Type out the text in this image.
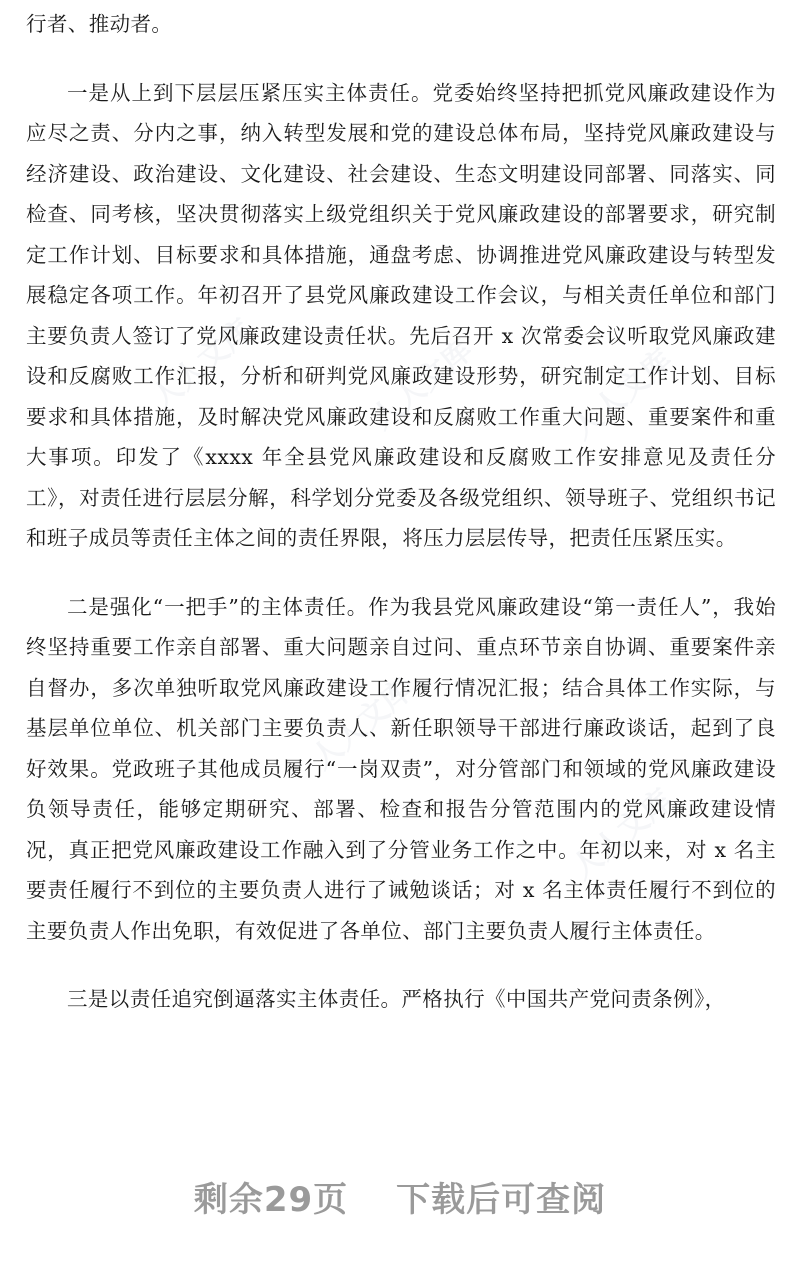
人人文库	人人文库	人人文库
人人文库
人人文库

行者、推动者。

一是从上到下层层压紧压实主体责任。党委始终坚持把抓党风廉政建设作为应尽之责、分内之事，纳入转型发展和党的建设总体布局，坚持党风廉政建设与经济建设、政治建设、文化建设、社会建设、生态文明建设同部署、同落实、同检查、同考核，坚决贯彻落实上级党组织关于党风廉政建设的部署要求，研究制定工作计划、目标要求和具体措施，通盘考虑、协调推进党风廉政建设与转型发展稳定各项工作。年初召开了县党风廉政建设工作会议，与相关责任单位和部门主要负责人签订了党风廉政建设责任状。先后召开 x 次常委会议听取党风廉政建设和反腐败工作汇报，分析和研判党风廉政建设形势，研究制定工作计划、目标要求和具体措施，及时解决党风廉政建设和反腐败工作重大问题、重要案件和重大事项。印发了《xxxx 年全县党风廉政建设和反腐败工作安排意见及责任分工》，对责任进行层层分解，科学划分党委及各级党组织、领导班子、党组织书记和班子成员等责任主体之间的责任界限，将压力层层传导，把责任压紧压实。

二是强化“一把手”的主体责任。作为我县党风廉政建设“第一责任人”，我始终坚持重要工作亲自部署、重大问题亲自过问、重点环节亲自协调、重要案件亲自督办，多次单独听取党风廉政建设工作履行情况汇报；结合具体工作实际，与基层单位单位、机关部门主要负责人、新任职领导干部进行廉政谈话，起到了良好效果。党政班子其他成员履行“一岗双责”，对分管部门和领域的党风廉政建设负领导责任，能够定期研究、部署、检查和报告分管范围内的党风廉政建设情况，真正把党风廉政建设工作融入到了分管业务工作之中。年初以来，对 x 名主要责任履行不到位的主要负责人进行了诫勉谈话；对 x 名主体责任履行不到位的主要负责人作出免职，有效促进了各单位、部门主要负责人履行主体责任。

三是以责任追究倒逼落实主体责任。严格执行《中国共产党问责条例》，

剩余29页 下载后可查阅
